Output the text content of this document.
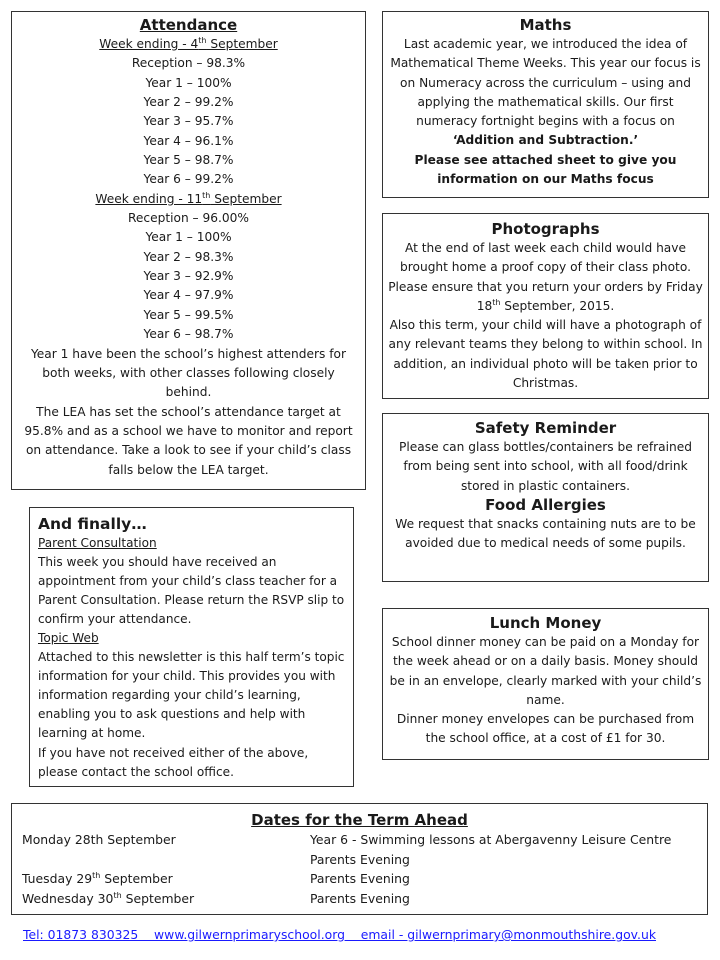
Attendance

Week ending - 4th September

Reception – 98.3%

Year 1 – 100%

Year 2 – 99.2%

Year 3 – 95.7%

Year 4 – 96.1%

Year 5 – 98.7%

Year 6 – 99.2%

Week ending - 11th September

Reception – 96.00%

Year 1 – 100%

Year 2 – 98.3%

Year 3 – 92.9%

Year 4 – 97.9%

Year 5 – 99.5%

Year 6 – 98.7%

Year 1 have been the school’s highest attenders for both weeks, with other classes following closely behind.

The LEA has set the school’s attendance target at 95.8% and as a school we have to monitor and report on attendance. Take a look to see if your child’s class falls below the LEA target.

Maths

Last academic year, we introduced the idea of Mathematical Theme Weeks. This year our focus is on Numeracy across the curriculum – using and applying the mathematical skills. Our first numeracy fortnight begins with a focus on ‘Addition and Subtraction.’

Please see attached sheet to give you information on our Maths focus

Photographs

At the end of last week each child would have brought home a proof copy of their class photo. Please ensure that you return your orders by Friday 18th September, 2015.

Also this term, your child will have a photograph of any relevant teams they belong to within school. In addition, an individual photo will be taken prior to Christmas.

Safety Reminder

Please can glass bottles/containers be refrained from being sent into school, with all food/drink stored in plastic containers.

Food Allergies

We request that snacks containing nuts are to be avoided due to medical needs of some pupils.

And finally…

Parent Consultation

This week you should have received an appointment from your child’s class teacher for a Parent Consultation. Please return the RSVP slip to confirm your attendance.

Topic Web

Attached to this newsletter is this half term’s topic information for your child. This provides you with information regarding your child’s learning, enabling you to ask questions and help with learning at home.

If you have not received either of the above, please contact the school office.

Lunch Money

School dinner money can be paid on a Monday for the week ahead or on a daily basis. Money should be in an envelope, clearly marked with your child’s name.

Dinner money envelopes can be purchased from the school office, at a cost of £1 for 30.

Dates for the Term Ahead

Monday 28th September	Year 6 - Swimming lessons at Abergavenny Leisure Centre
Parents Evening
Tuesday 29th September	Parents Evening
Wednesday 30th September	Parents Evening
Tel: 01873 830325    www.gilwernprimaryschool.org    email - gilwernprimary@monmouthshire.gov.uk
